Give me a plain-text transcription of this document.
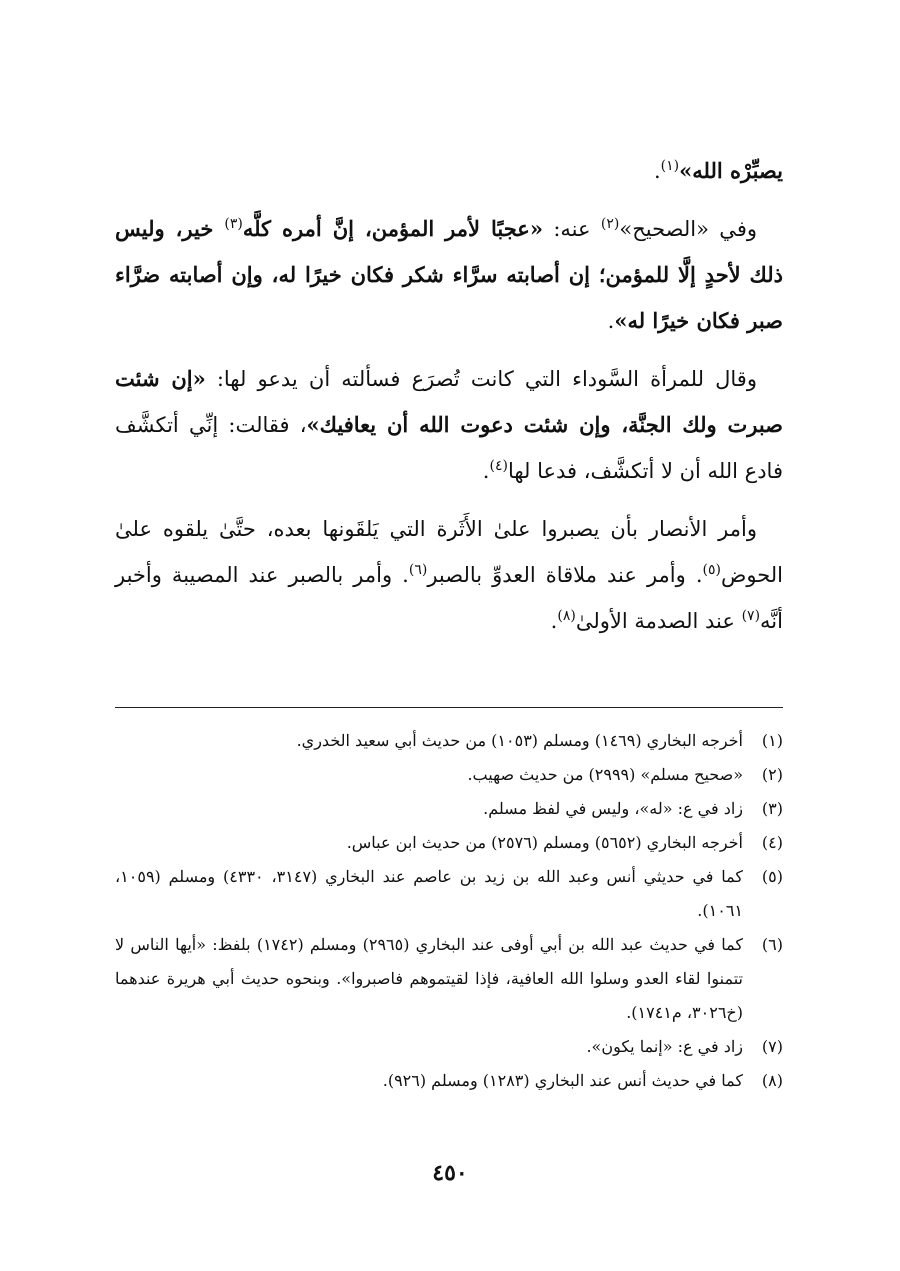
يصبِّرْه الله»$^{(١)}$.

وفي «الصحيح»$^{(٢)}$ عنه: «عجبًا لأمر المؤمن، إنَّ أمره كلَّه$^{(٣)}$ خير، وليس ذلك لأحدٍ إلَّا للمؤمن؛ إن أصابته سرَّاء شكر فكان خيرًا له، وإن أصابته ضرَّاء صبر فكان خيرًا له».

وقال للمرأة السَّوداء التي كانت تُصرَع فسألته أن يدعو لها: «إن شئت صبرت ولك الجنَّة، وإن شئت دعوت الله أن يعافيك»، فقالت: إنِّي أتكشَّف فادع الله أن لا أتكشَّف، فدعا لها$^{(٤)}$.

وأمر الأنصار بأن يصبروا علىٰ الأَثَرة التي يَلقَونها بعده، حتَّىٰ يلقوه علىٰ الحوض$^{(٥)}$. وأمر عند ملاقاة العدوِّ بالصبر$^{(٦)}$. وأمر بالصبر عند المصيبة وأخبر أنَّه$^{(٧)}$ عند الصدمة الأولىٰ$^{(٨)}$.

(١)
أخرجه البخاري (١٤٦٩) ومسلم (١٠٥٣) من حديث أبي سعيد الخدري.
(٢)
«صحيح مسلم» (٢٩٩٩) من حديث صهيب.
(٣)
زاد في ع: «له»، وليس في لفظ مسلم.
(٤)
أخرجه البخاري (٥٦٥٢) ومسلم (٢٥٧٦) من حديث ابن عباس.
(٥)
كما في حديثي أنس وعبد الله بن زيد بن عاصم عند البخاري (٣١٤٧، ٤٣٣٠) ومسلم (١٠٥٩، ١٠٦١).
(٦)
كما في حديث عبد الله بن أبي أوفى عند البخاري (٢٩٦٥) ومسلم (١٧٤٢) بلفظ: «أيها الناس لا تتمنوا لقاء العدو وسلوا الله العافية، فإذا لقيتموهم فاصبروا». وبنحوه حديث أبي هريرة عندهما (خ٣٠٢٦، م١٧٤١).
(٧)
زاد في ع: «إنما يكون».
(٨)
كما في حديث أنس عند البخاري (١٢٨٣) ومسلم (٩٢٦).
٤٥٠
